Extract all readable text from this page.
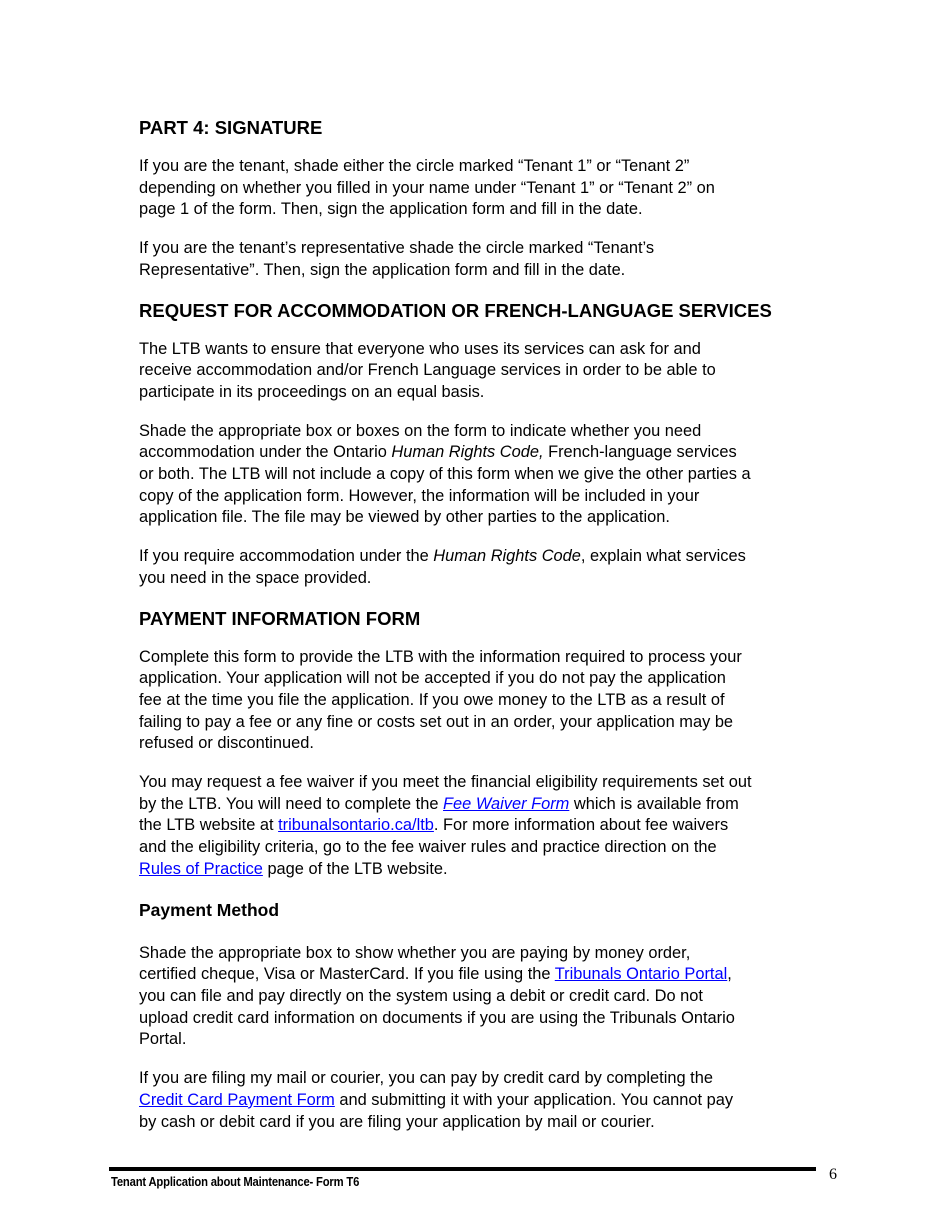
PART 4: SIGNATURE

If you are the tenant, shade either the circle marked “Tenant 1” or “Tenant 2”
depending on whether you filled in your name under “Tenant 1” or “Tenant 2” on
page 1 of the form. Then, sign the application form and fill in the date.

If you are the tenant’s representative shade the circle marked “Tenant’s
Representative”. Then, sign the application form and fill in the date.

REQUEST FOR ACCOMMODATION OR FRENCH-LANGUAGE SERVICES

The LTB wants to ensure that everyone who uses its services can ask for and
receive accommodation and/or French Language services in order to be able to
participate in its proceedings on an equal basis.

Shade the appropriate box or boxes on the form to indicate whether you need
accommodation under the Ontario Human Rights Code, French-language services
or both. The LTB will not include a copy of this form when we give the other parties a
copy of the application form. However, the information will be included in your
application file. The file may be viewed by other parties to the application.

If you require accommodation under the Human Rights Code, explain what services
you need in the space provided.

PAYMENT INFORMATION FORM

Complete this form to provide the LTB with the information required to process your
application. Your application will not be accepted if you do not pay the application
fee at the time you file the application. If you owe money to the LTB as a result of
failing to pay a fee or any fine or costs set out in an order, your application may be
refused or discontinued.

You may request a fee waiver if you meet the financial eligibility requirements set out
by the LTB. You will need to complete the Fee Waiver Form which is available from
the LTB website at tribunalsontario.ca/ltb. For more information about fee waivers
and the eligibility criteria, go to the fee waiver rules and practice direction on the
Rules of Practice page of the LTB website.

Payment Method

Shade the appropriate box to show whether you are paying by money order,
certified cheque, Visa or MasterCard. If you file using the Tribunals Ontario Portal,
you can file and pay directly on the system using a debit or credit card. Do not
upload credit card information on documents if you are using the Tribunals Ontario
Portal.

If you are filing my mail or courier, you can pay by credit card by completing the
Credit Card Payment Form and submitting it with your application. You cannot pay
by cash or debit card if you are filing your application by mail or courier.

Tenant Application about Maintenance- Form T6	6
